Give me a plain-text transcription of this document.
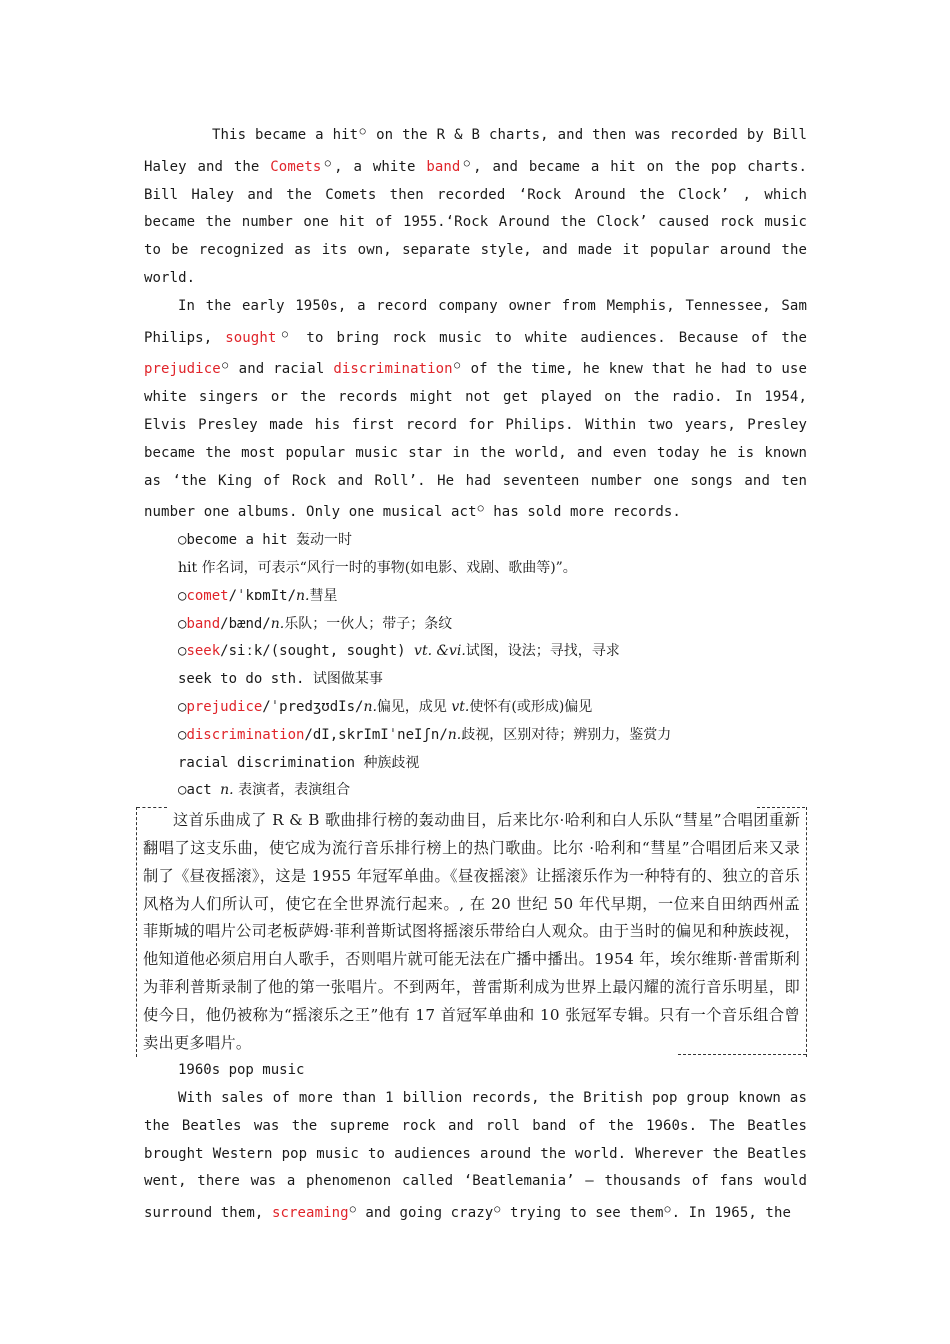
This became a hit○ on the R & B charts, and then was recorded by Bill Haley and the Comets○, a white band○, and became a hit on the pop charts. Bill Haley and the Comets then recorded ‘Rock Around the Clock’ , which became the number one hit of 1955.‘Rock Around the Clock’ caused rock music to be recognized as its own, separate style, and made it popular around the world.

In the early 1950s, a record company owner from Memphis, Tennessee, Sam Philips, sought○ to bring rock music to white audiences. Because of the prejudice○ and racial discrimination○ of the time, he knew that he had to use white singers or the records might not get played on the radio. In 1954, Elvis Presley made his first record for Philips. Within two years, Presley became the most popular music star in the world, and even today he is known as ‘the King of Rock and Roll’. He had seventeen number one songs and ten number one albums. Only one musical act○ has sold more records.

○become a hit 轰动一时

hit 作名词，可表示“风行一时的事物(如电影、戏剧、歌曲等)”。

○comet/ˈkɒmIt/n.彗星

○band/bænd/n.乐队；一伙人；带子；条纹

○seek/siːk/(sought, sought) vt. &vi.试图，设法；寻找，寻求

seek to do sth. 试图做某事

○prejudice/ˈpredʒʊdIs/n.偏见，成见 vt.使怀有(或形成)偏见

○discrimination/dI,skrImIˈneIʃn/n.歧视，区别对待；辨别力，鉴赏力

racial discrimination 种族歧视

○act n. 表演者，表演组合

这首乐曲成了 R & B 歌曲排行榜的轰动曲目，后来比尔·哈利和白人乐队“彗星”合唱团重新翻唱了这支乐曲，使它成为流行音乐排行榜上的热门歌曲。比尔 ·哈利和“彗星”合唱团后来又录制了《昼夜摇滚》，这是 1955 年冠军单曲。《昼夜摇滚》让摇滚乐作为一种特有的、独立的音乐风格为人们所认可，使它在全世界流行起来。, 在 20 世纪 50 年代早期，一位来自田纳西州孟菲斯城的唱片公司老板萨姆·菲利普斯试图将摇滚乐带给白人观众。由于当时的偏见和种族歧视，他知道他必须启用白人歌手，否则唱片就可能无法在广播中播出。1954 年，埃尔维斯·普雷斯利为菲利普斯录制了他的第一张唱片。不到两年，普雷斯利成为世界上最闪耀的流行音乐明星，即使今日，他仍被称为“摇滚乐之王”他有 17 首冠军单曲和 10 张冠军专辑。只有一个音乐组合曾卖出更多唱片。

1960s pop music

With sales of more than 1 billion records, the British pop group known as the Beatles was the supreme rock and roll band of the 1960s. The Beatles brought Western pop music to audiences around the world. Wherever the Beatles went, there was a phenomenon called ‘Beatlemania’ — thousands of fans would surround them, screaming○ and going crazy○ trying to see them○. In 1965, the
